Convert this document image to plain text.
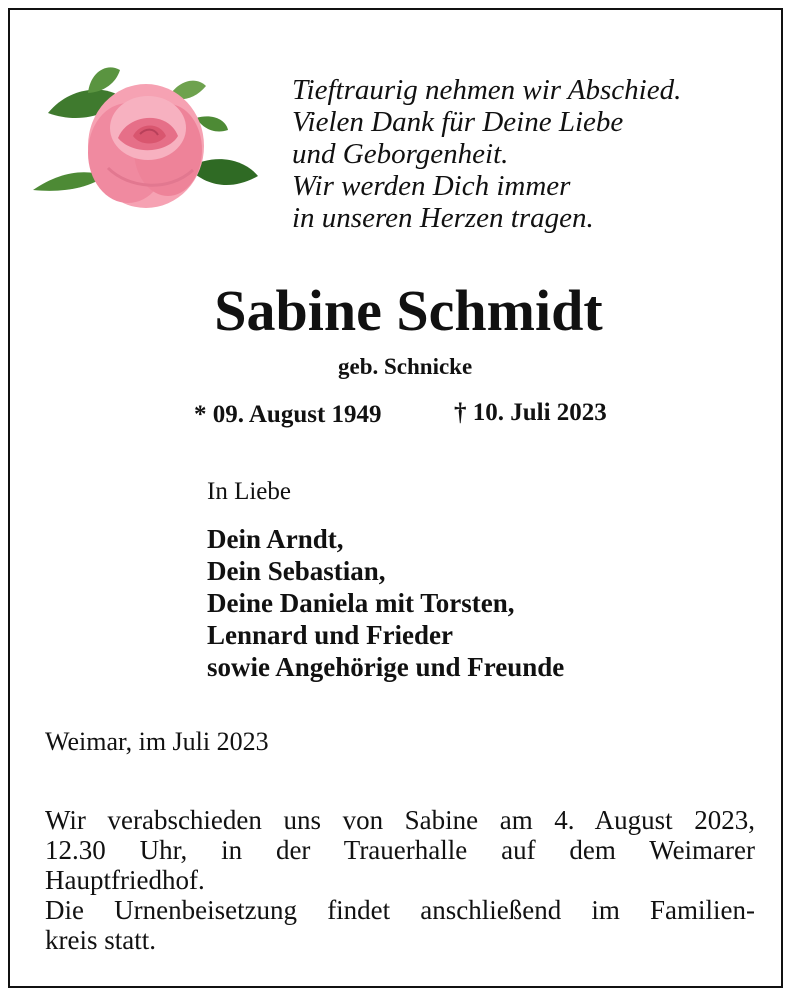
Tieftraurig nehmen wir Abschied.
Vielen Dank für Deine Liebe
und Geborgenheit.
Wir werden Dich immer
in unseren Herzen tragen.
Sabine Schmidt
geb. Schnicke
* 09. August 1949	† 10. Juli 2023
In Liebe
Dein Arndt,
Dein Sebastian,
Deine Daniela mit Torsten,
Lennard und Frieder
sowie Angehörige und Freunde
Weimar, im Juli 2023
Wir verabschieden uns von Sabine am 4. August 2023,
12.30 Uhr, in der Trauerhalle auf dem Weimarer
Hauptfriedhof.
Die Urnenbeisetzung findet anschließend im Familien-
kreis statt.
